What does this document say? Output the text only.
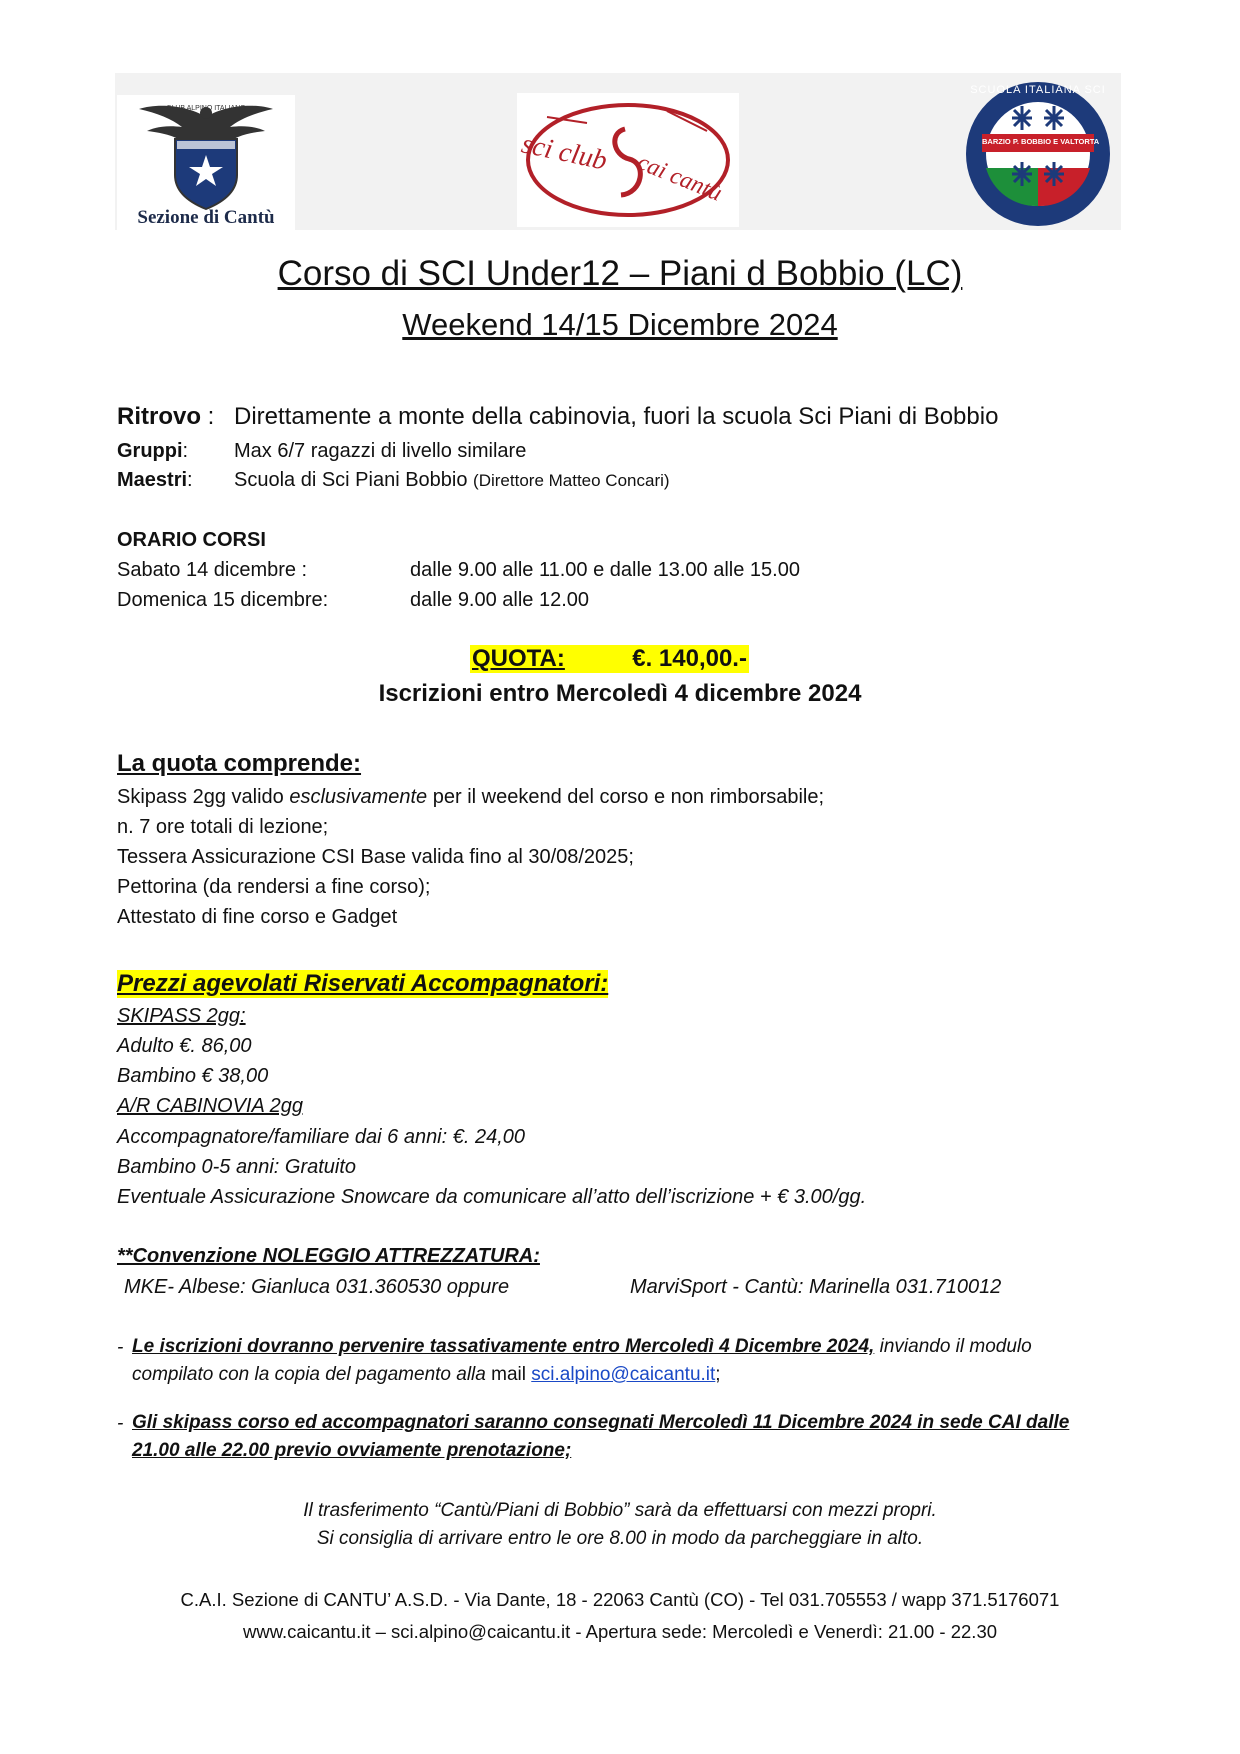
CLUB ALPINO ITALIANO
Sezione di Cantù
sci club cai cantù
SCUOLA ITALIANA SCI
BARZIO P. BOBBIO E VALTORTA
Corso di SCI Under12 – Piani d Bobbio (LC)
Weekend 14/15 Dicembre 2024
Ritrovo : Direttamente a monte della cabinovia, fuori la scuola Sci Piani di Bobbio
Gruppi: Max 6/7 ragazzi di livello similare
Maestri: Scuola di Sci Piani Bobbio (Direttore Matteo Concari)
ORARIO CORSI
Sabato 14 dicembre :	dalle 9.00 alle 11.00 e dalle 13.00 alle 15.00
Domenica 15 dicembre:	dalle 9.00 alle 12.00
QUOTA:	€. 140,00.-
Iscrizioni entro Mercoledì 4 dicembre 2024
La quota comprende:
Skipass 2gg valido esclusivamente per il weekend del corso e non rimborsabile;
n. 7 ore totali di lezione;
Tessera Assicurazione CSI Base valida fino al 30/08/2025;
Pettorina (da rendersi a fine corso);
Attestato di fine corso e Gadget
Prezzi agevolati Riservati Accompagnatori:
SKIPASS 2gg:
Adulto €. 86,00
Bambino € 38,00
A/R CABINOVIA 2gg
Accompagnatore/familiare dai 6 anni: €. 24,00
Bambino 0-5 anni: Gratuito
Eventuale Assicurazione Snowcare da comunicare all’atto dell’iscrizione + € 3.00/gg.
**Convenzione NOLEGGIO ATTREZZATURA:
MKE- Albese: Gianluca 031.360530 oppure	MarviSport - Cantù: Marinella 031.710012
- Le iscrizioni dovranno pervenire tassativamente entro Mercoledì 4 Dicembre 2024, inviando il modulo
compilato con la copia del pagamento alla mail sci.alpino@caicantu.it;
- Gli skipass corso ed accompagnatori saranno consegnati Mercoledì 11 Dicembre 2024 in sede CAI dalle
21.00 alle 22.00 previo ovviamente prenotazione;
Il trasferimento “Cantù/Piani di Bobbio” sarà da effettuarsi con mezzi propri.
Si consiglia di arrivare entro le ore 8.00 in modo da parcheggiare in alto.
C.A.I. Sezione di CANTU’ A.S.D. - Via Dante, 18 - 22063 Cantù (CO) - Tel 031.705553 / wapp 371.5176071
www.caicantu.it – sci.alpino@caicantu.it - Apertura sede: Mercoledì e Venerdì: 21.00 - 22.30
